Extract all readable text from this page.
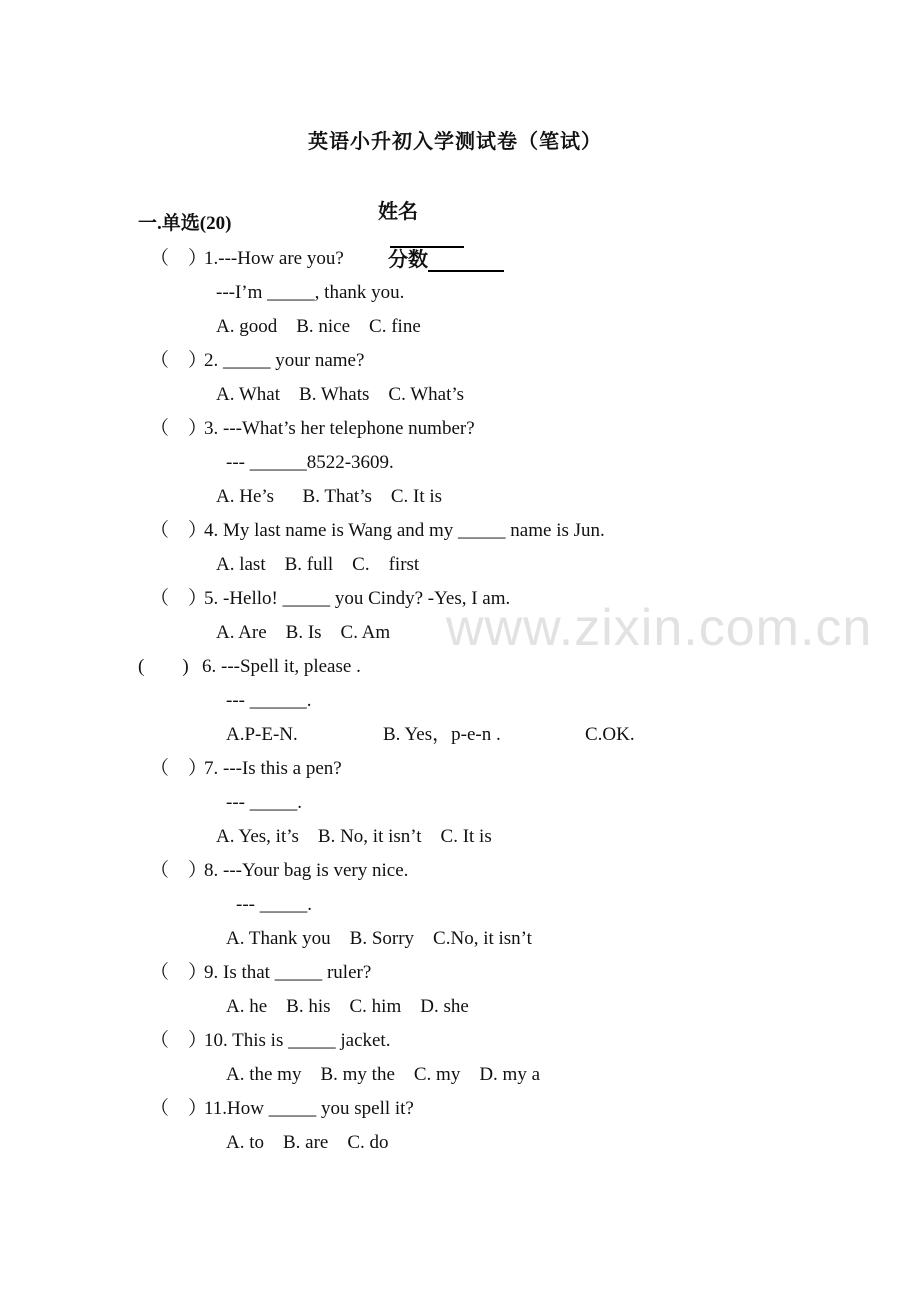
www.zixin.com.cn
英语小升初入学测试卷（笔试）

姓名

分数

一.单选(20)
（　）1.---How are you?
---I’m _____, thank you.
A. good    B. nice    C. fine
（　）2. _____ your name?
A. What    B. Whats    C. What’s
（　）3. ---What’s her telephone number?
--- ______8522-3609.
A. He’s      B. That’s    C. It is
（　）4. My last name is Wang and my _____ name is Jun.
A. last    B. full    C.    first
（　）5. -Hello! _____ you Cindy? -Yes, I am.
A. Are    B. Is    C. Am
(　　) 6. ---Spell it, please .
--- ______.
A.P-E-N.	B. Yes，p-e-n .	C.OK.
（　）7. ---Is this a pen?
--- _____.
A. Yes, it’s    B. No, it isn’t    C. It is
（　）8. ---Your bag is very nice.
--- _____.
A. Thank you    B. Sorry    C.No, it isn’t
（　）9. Is that _____ ruler?
A. he    B. his    C. him    D. she
（　）10. This is _____ jacket.
A. the my    B. my the    C. my    D. my a
（　）11.How _____ you spell it?
A. to    B. are    C. do
